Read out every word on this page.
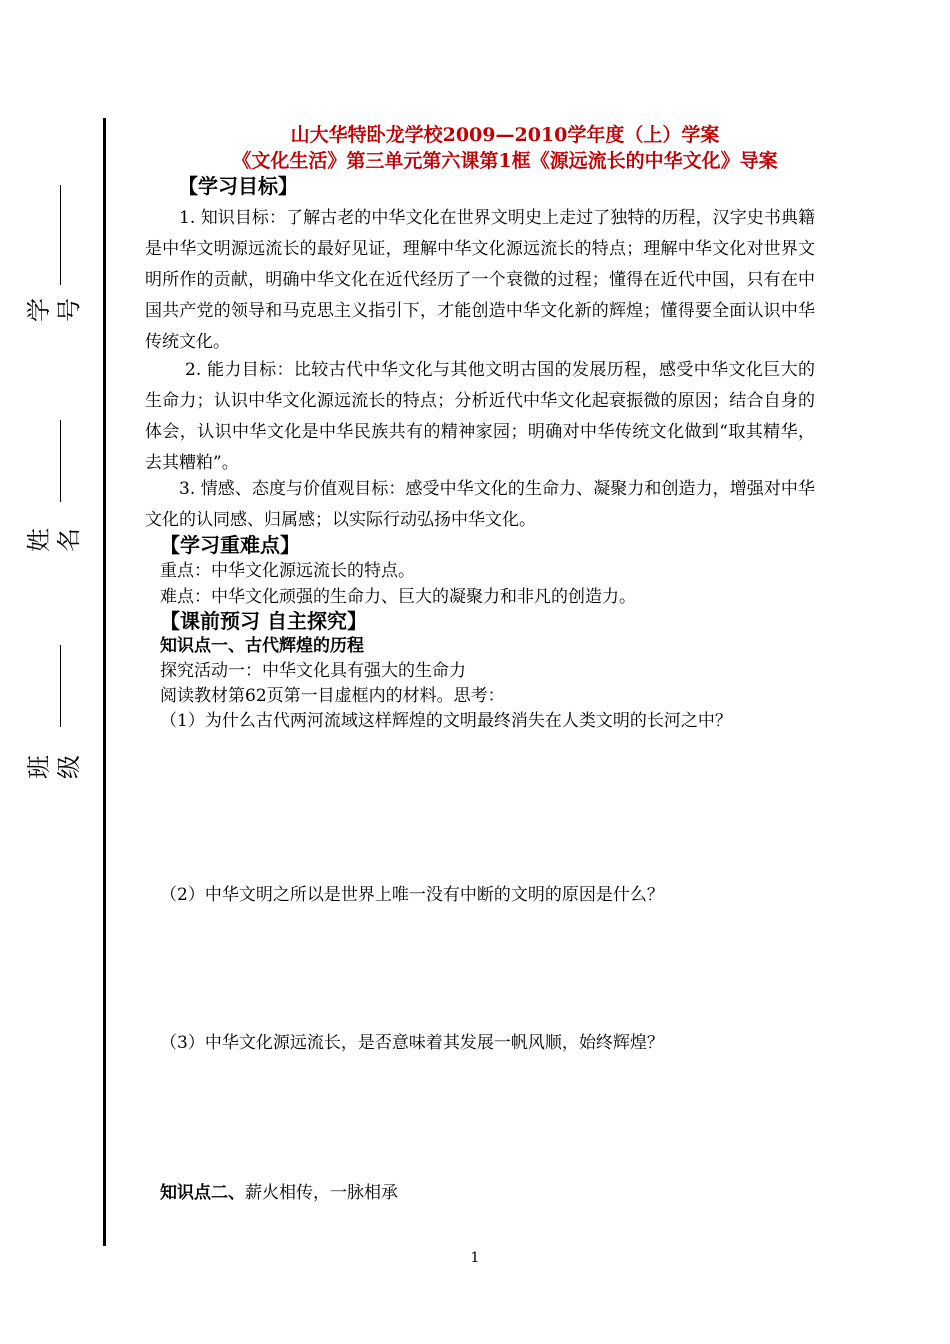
学号
姓名
班级
山大华特卧龙学校2009—2010学年度（上）学案
《文化生活》第三单元第六课第1框《源远流长的中华文化》导案
【学习目标】
1. 知识目标：了解古老的中华文化在世界文明史上走过了独特的历程，汉字史书典籍是中华文明源远流长的最好见证，理解中华文化源远流长的特点；理解中华文化对世界文明所作的贡献，明确中华文化在近代经历了一个衰微的过程；懂得在近代中国，只有在中国共产党的领导和马克思主义指引下，才能创造中华文化新的辉煌；懂得要全面认识中华传统文化。
2. 能力目标：比较古代中华文化与其他文明古国的发展历程，感受中华文化巨大的生命力；认识中华文化源远流长的特点；分析近代中华文化起衰振微的原因；结合自身的体会，认识中华文化是中华民族共有的精神家园；明确对中华传统文化做到“取其精华，去其糟粕”。
3. 情感、态度与价值观目标：感受中华文化的生命力、凝聚力和创造力，增强对中华文化的认同感、归属感；以实际行动弘扬中华文化。
【学习重难点】
重点：中华文化源远流长的特点。
难点：中华文化顽强的生命力、巨大的凝聚力和非凡的创造力。
【课前预习 自主探究】
知识点一、古代辉煌的历程
探究活动一：中华文化具有强大的生命力
阅读教材第62页第一目虚框内的材料。思考：
（1）为什么古代两河流域这样辉煌的文明最终消失在人类文明的长河之中？
（2）中华文明之所以是世界上唯一没有中断的文明的原因是什么？
（3）中华文化源远流长，是否意味着其发展一帆风顺，始终辉煌？
知识点二、薪火相传，一脉相承
1
